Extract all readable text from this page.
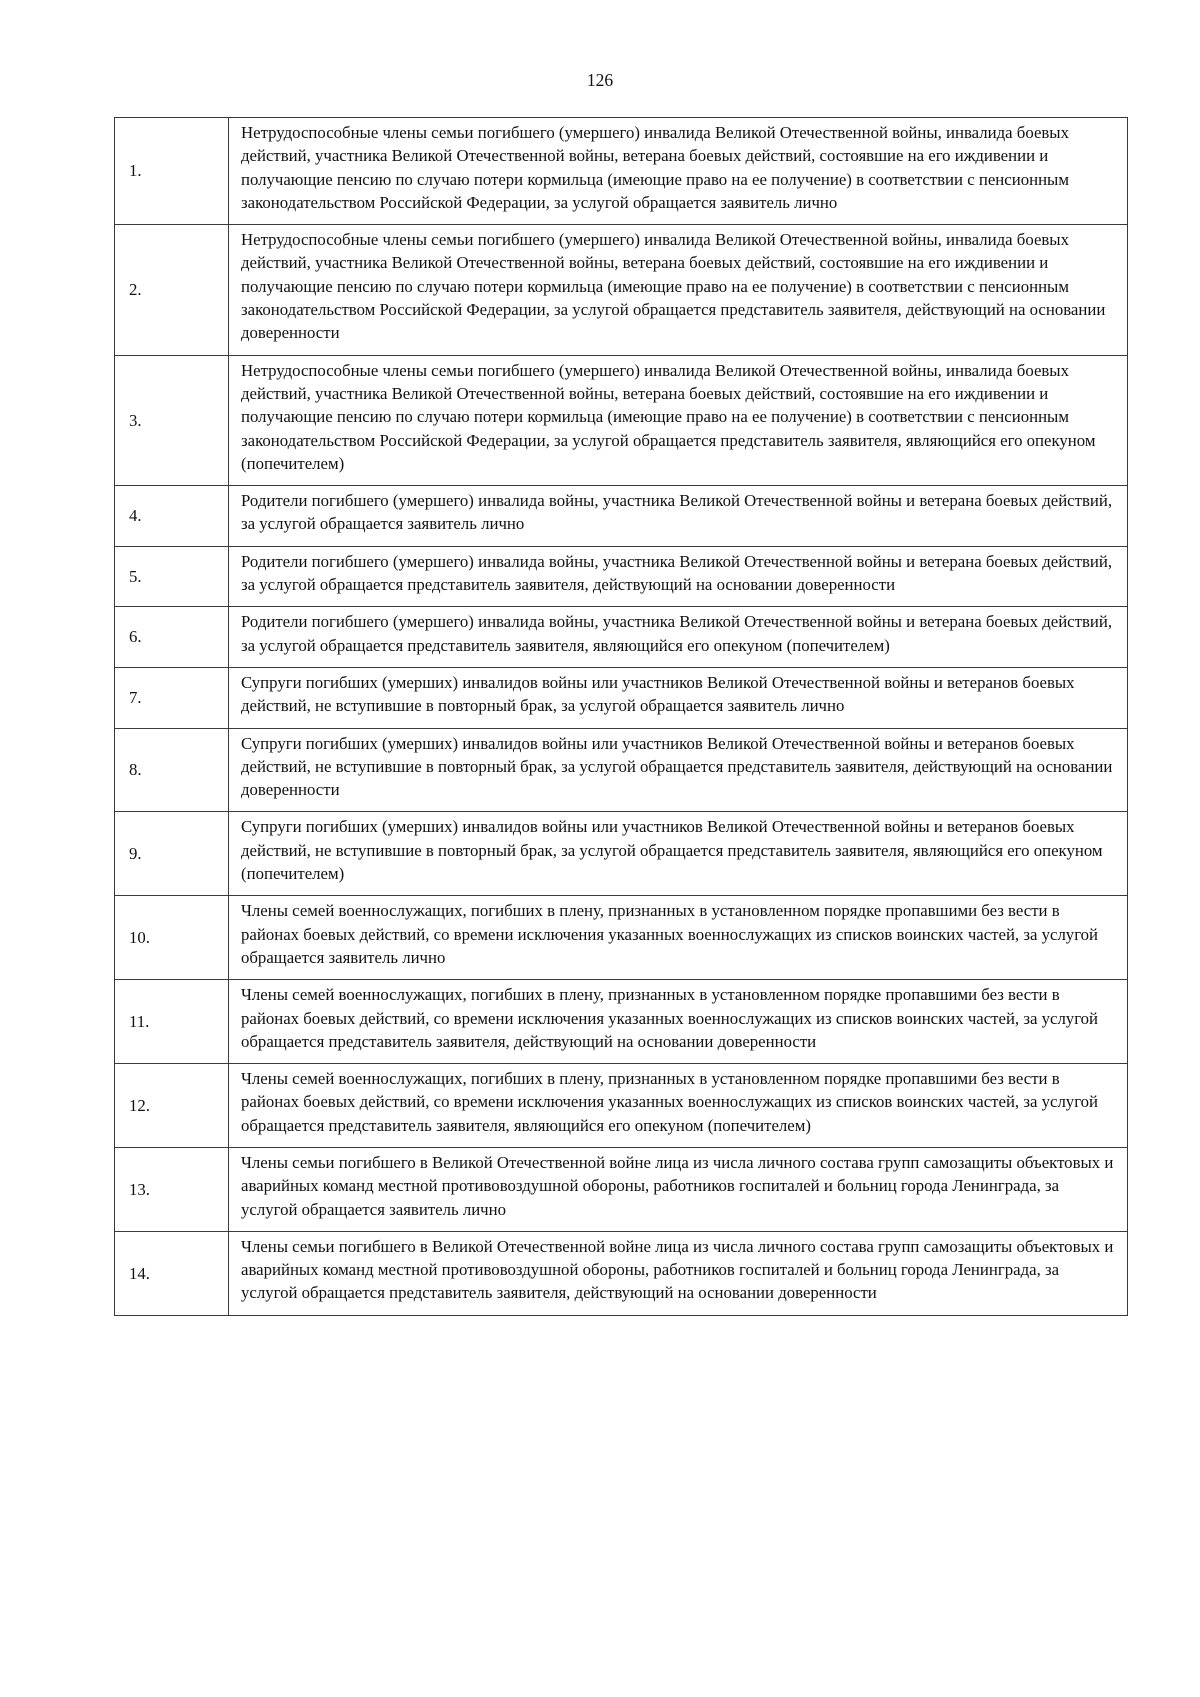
126
1.	Нетрудоспособные члены семьи погибшего (умершего) инвалида Великой Отечественной войны, инвалида боевых действий, участника Великой Отечественной войны, ветерана боевых действий, состоявшие на его иждивении и получающие пенсию по случаю потери кормильца (имеющие право на ее получение) в соответствии с пенсионным законодательством Российской Федерации, за услугой обращается заявитель лично
2.	Нетрудоспособные члены семьи погибшего (умершего) инвалида Великой Отечественной войны, инвалида боевых действий, участника Великой Отечественной войны, ветерана боевых действий, состоявшие на его иждивении и получающие пенсию по случаю потери кормильца (имеющие право на ее получение) в соответствии с пенсионным законодательством Российской Федерации, за услугой обращается представитель заявителя, действующий на основании доверенности
3.	Нетрудоспособные члены семьи погибшего (умершего) инвалида Великой Отечественной войны, инвалида боевых действий, участника Великой Отечественной войны, ветерана боевых действий, состоявшие на его иждивении и получающие пенсию по случаю потери кормильца (имеющие право на ее получение) в соответствии с пенсионным законодательством Российской Федерации, за услугой обращается представитель заявителя, являющийся его опекуном (попечителем)
4.	Родители погибшего (умершего) инвалида войны, участника Великой Отечественной войны и ветерана боевых действий, за услугой обращается заявитель лично
5.	Родители погибшего (умершего) инвалида войны, участника Великой Отечественной войны и ветерана боевых действий, за услугой обращается представитель заявителя, действующий на основании доверенности
6.	Родители погибшего (умершего) инвалида войны, участника Великой Отечественной войны и ветерана боевых действий, за услугой обращается представитель заявителя, являющийся его опекуном (попечителем)
7.	Супруги погибших (умерших) инвалидов войны или участников Великой Отечественной войны и ветеранов боевых действий, не вступившие в повторный брак, за услугой обращается заявитель лично
8.	Супруги погибших (умерших) инвалидов войны или участников Великой Отечественной войны и ветеранов боевых действий, не вступившие в повторный брак, за услугой обращается представитель заявителя, действующий на основании доверенности
9.	Супруги погибших (умерших) инвалидов войны или участников Великой Отечественной войны и ветеранов боевых действий, не вступившие в повторный брак, за услугой обращается представитель заявителя, являющийся его опекуном (попечителем)
10.	Члены семей военнослужащих, погибших в плену, признанных в установленном порядке пропавшими без вести в районах боевых действий, со времени исключения указанных военнослужащих из списков воинских частей, за услугой обращается заявитель лично
11.	Члены семей военнослужащих, погибших в плену, признанных в установленном порядке пропавшими без вести в районах боевых действий, со времени исключения указанных военнослужащих из списков воинских частей, за услугой обращается представитель заявителя, действующий на основании доверенности
12.	Члены семей военнослужащих, погибших в плену, признанных в установленном порядке пропавшими без вести в районах боевых действий, со времени исключения указанных военнослужащих из списков воинских частей, за услугой обращается представитель заявителя, являющийся его опекуном (попечителем)
13.	Члены семьи погибшего в Великой Отечественной войне лица из числа личного состава групп самозащиты объектовых и аварийных команд местной противовоздушной обороны, работников госпиталей и больниц города Ленинграда, за услугой обращается заявитель лично
14.	Члены семьи погибшего в Великой Отечественной войне лица из числа личного состава групп самозащиты объектовых и аварийных команд местной противовоздушной обороны, работников госпиталей и больниц города Ленинграда, за услугой обращается представитель заявителя, действующий на основании доверенности
